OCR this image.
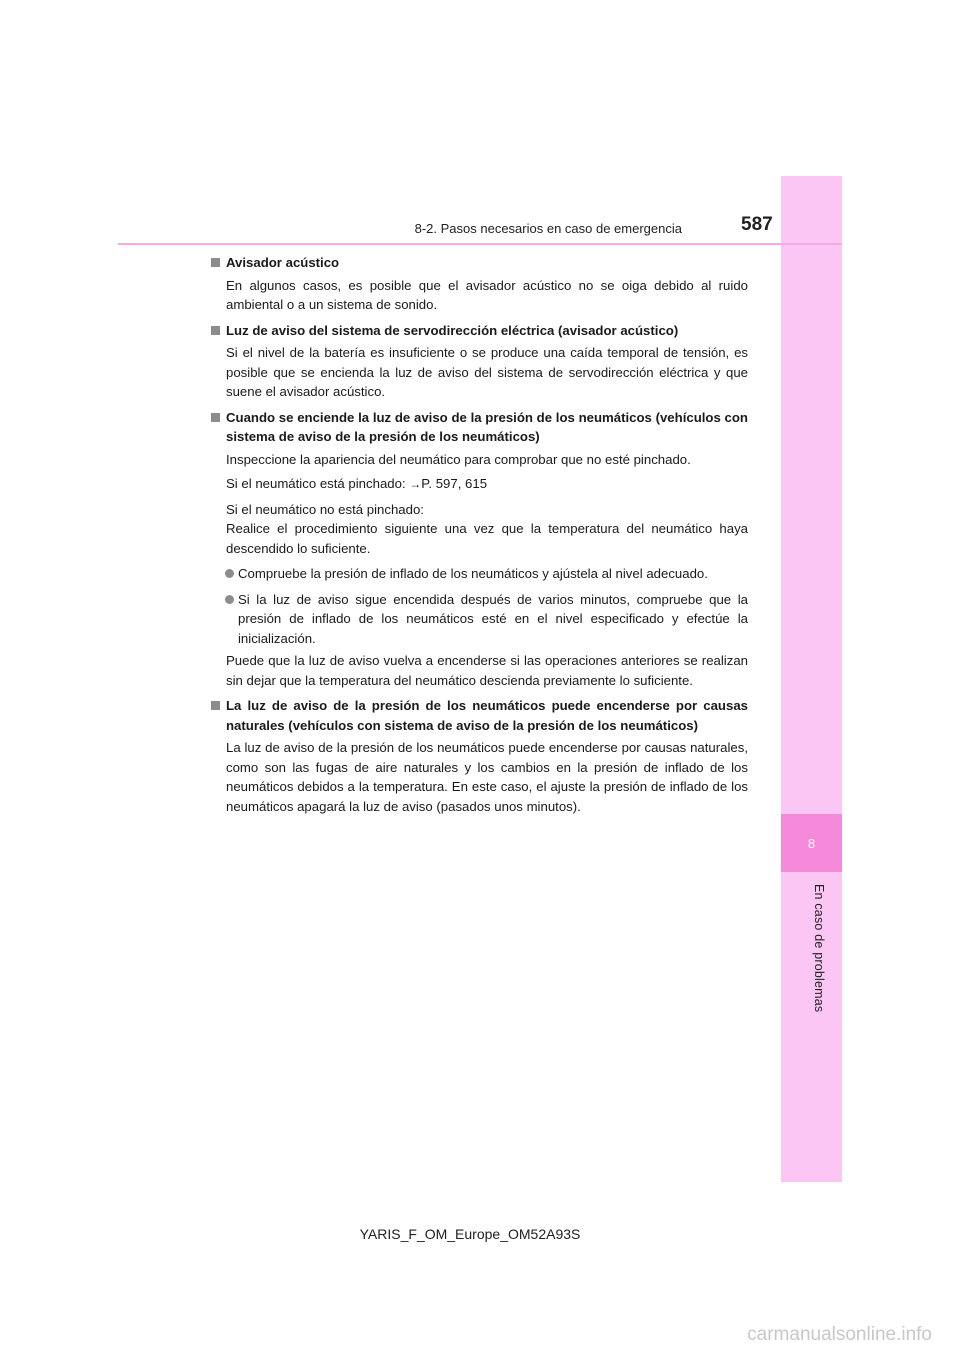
8
En caso de problemas
8-2. Pasos necesarios en caso de emergencia	587
Avisador acústico
En algunos casos, es posible que el avisador acústico no se oiga debido al ruido ambiental o a un sistema de sonido.
Luz de aviso del sistema de servodirección eléctrica (avisador acústico)
Si el nivel de la batería es insuficiente o se produce una caída temporal de tensión, es posible que se encienda la luz de aviso del sistema de servodirección eléctrica y que suene el avisador acústico.
Cuando se enciende la luz de aviso de la presión de los neumáticos (vehículos con sistema de aviso de la presión de los neumáticos)
Inspeccione la apariencia del neumático para comprobar que no esté pinchado.
Si el neumático está pinchado: →P. 597, 615
Si el neumático no está pinchado:
Realice el procedimiento siguiente una vez que la temperatura del neumático haya descendido lo suficiente.
Compruebe la presión de inflado de los neumáticos y ajústela al nivel adecuado.
Si la luz de aviso sigue encendida después de varios minutos, compruebe que la presión de inflado de los neumáticos esté en el nivel especificado y efectúe la inicialización.
Puede que la luz de aviso vuelva a encenderse si las operaciones anteriores se realizan sin dejar que la temperatura del neumático descienda previamente lo suficiente.
La luz de aviso de la presión de los neumáticos puede encenderse por causas naturales (vehículos con sistema de aviso de la presión de los neumáticos)
La luz de aviso de la presión de los neumáticos puede encenderse por causas naturales, como son las fugas de aire naturales y los cambios en la presión de inflado de los neumáticos debidos a la temperatura. En este caso, el ajuste la presión de inflado de los neumáticos apagará la luz de aviso (pasados unos minutos).
YARIS_F_OM_Europe_OM52A93S
carmanualsonline.info
